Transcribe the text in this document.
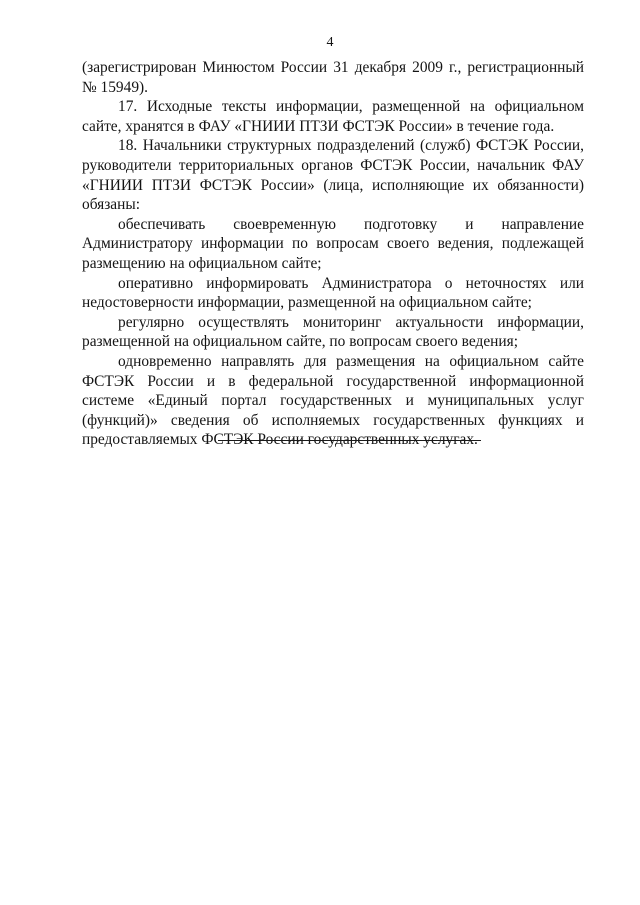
4

(зарегистрирован Минюстом России 31 декабря 2009 г., регистрационный № 15949).

17. Исходные тексты информации, размещенной на официальном сайте, хранятся в ФАУ «ГНИИИ ПТЗИ ФСТЭК России» в течение года.

18. Начальники структурных подразделений (служб) ФСТЭК России, руководители территориальных органов ФСТЭК России, начальник ФАУ «ГНИИИ ПТЗИ ФСТЭК России» (лица, исполняющие их обязанности) обязаны:

обеспечивать своевременную подготовку и направление Администратору информации по вопросам своего ведения, подлежащей размещению на официальном сайте;

оперативно информировать Администратора о неточностях или недостоверности информации, размещенной на официальном сайте;

регулярно осуществлять мониторинг актуальности информации, размещенной на официальном сайте, по вопросам своего ведения;

одновременно направлять для размещения на официальном сайте ФСТЭК России и в федеральной государственной информационной системе «Единый портал государственных и муниципальных услуг (функций)» сведения об исполняемых государственных функциях и предоставляемых ФСТЭК России государственных услугах.
